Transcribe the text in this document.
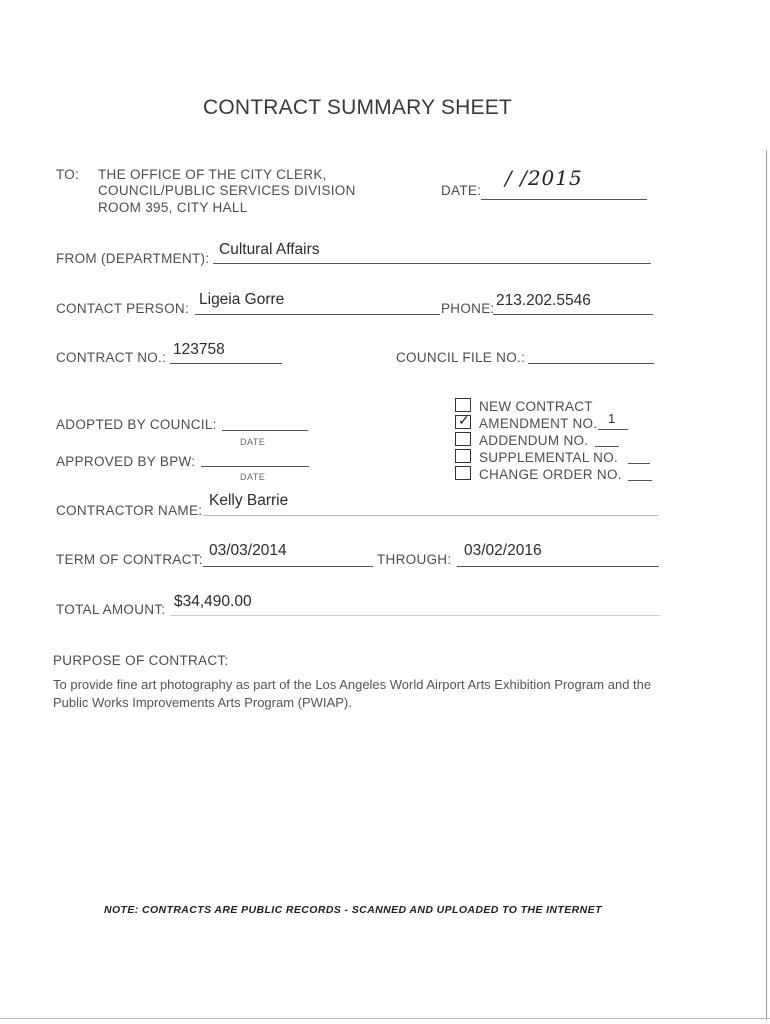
CONTRACT SUMMARY SHEET
TO: THE OFFICE OF THE CITY CLERK,
COUNCIL/PUBLIC SERVICES DIVISION
ROOM 395, CITY HALL
DATE:
/ /2015
FROM (DEPARTMENT):
Cultural Affairs
CONTACT PERSON:
Ligeia Gorre
PHONE: 213.202.5546
CONTRACT NO.: 123758	COUNCIL FILE NO.:
ADOPTED BY COUNCIL:
DATE
APPROVED BY BPW:
DATE
NEW CONTRACT
✓ AMENDMENT NO. 1
ADDENDUM NO.
SUPPLEMENTAL NO.
CHANGE ORDER NO.
CONTRACTOR NAME:
Kelly Barrie
TERM OF CONTRACT:
03/03/2014
THROUGH:
03/02/2016
TOTAL AMOUNT: $34,490.00
PURPOSE OF CONTRACT:
To provide fine art photography as part of the Los Angeles World Airport Arts Exhibition Program and the Public Works Improvements Arts Program (PWIAP).
NOTE: CONTRACTS ARE PUBLIC RECORDS - SCANNED AND UPLOADED TO THE INTERNET
